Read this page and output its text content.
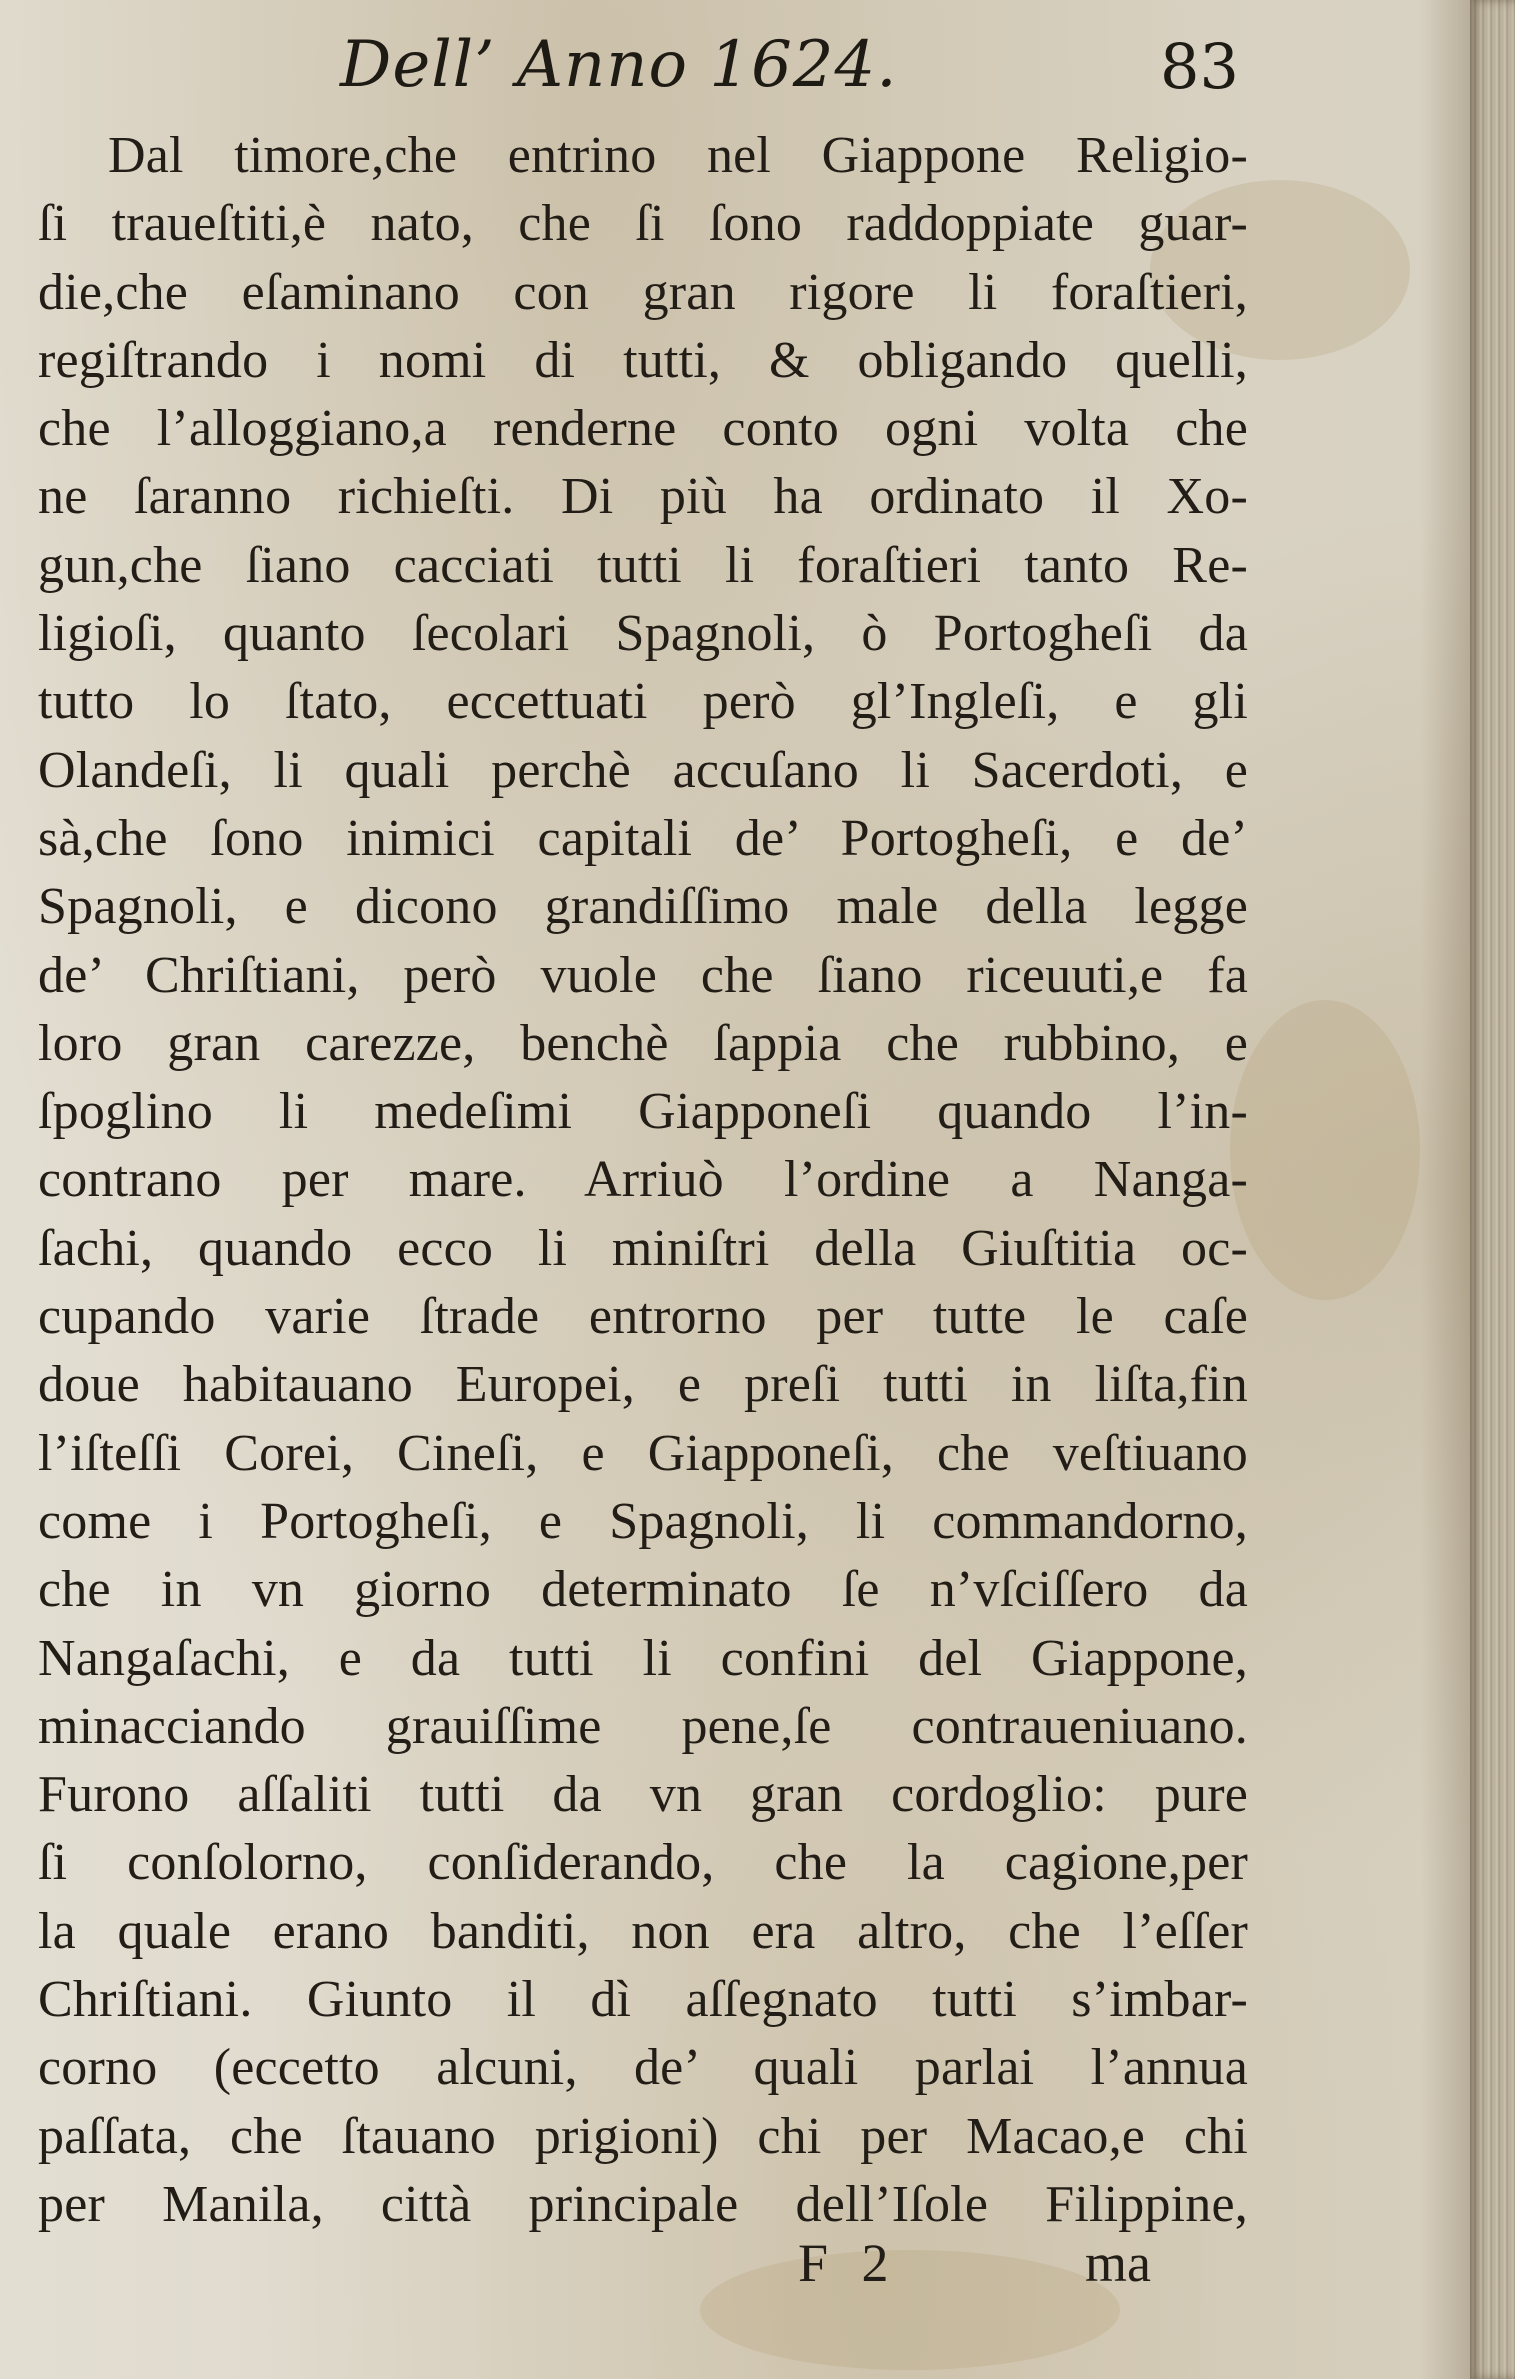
Dell’ Anno 1624.	83
Dal timore,che entrino nel Giappone Religio-
ſi traueſtiti,è nato, che ſi ſono raddoppiate guar-
die,che eſaminano con gran rigore li foraſtieri,
regiſtrando i nomi di tutti, & obligando quelli,
che l’alloggiano,a renderne conto ogni volta che
ne ſaranno richieſti. Di più ha ordinato il Xo-
gun,che ſiano cacciati tutti li foraſtieri tanto Re-
ligioſi, quanto ſecolari Spagnoli, ò Portogheſi da
tutto lo ſtato, eccettuati però gl’Ingleſi, e gli
Olandeſi, li quali perchè accuſano li Sacerdoti, e
sà,che ſono inimici capitali de’ Portogheſi, e de’
Spagnoli, e dicono grandiſſimo male della legge
de’ Chriſtiani, però vuole che ſiano riceuuti,e fa
loro gran carezze, benchè ſappia che rubbino, e
ſpoglino li medeſimi Giapponeſi quando l’in-
contrano per mare. Arriuò l’ordine a Nanga-
ſachi, quando ecco li miniſtri della Giuſtitia oc-
cupando varie ſtrade entrorno per tutte le caſe
doue habitauano Europei, e preſi tutti in liſta,fin
l’iſteſſi Corei, Cineſi, e Giapponeſi, che veſtiuano
come i Portogheſi, e Spagnoli, li commandorno,
che in vn giorno determinato ſe n’vſciſſero da
Nangaſachi, e da tutti li confini del Giappone,
minacciando grauiſſime pene,ſe contraueniuano.
Furono aſſaliti tutti da vn gran cordoglio: pure
ſi conſolorno, conſiderando, che la cagione,per
la quale erano banditi, non era altro, che l’eſſer
Chriſtiani. Giunto il dì aſſegnato tutti s’imbar-
corno (eccetto alcuni, de’ quali parlai l’annua
paſſata, che ſtauano prigioni) chi per Macao,e chi
per Manila, città principale dell’Iſole Filippine,
F 2	ma
